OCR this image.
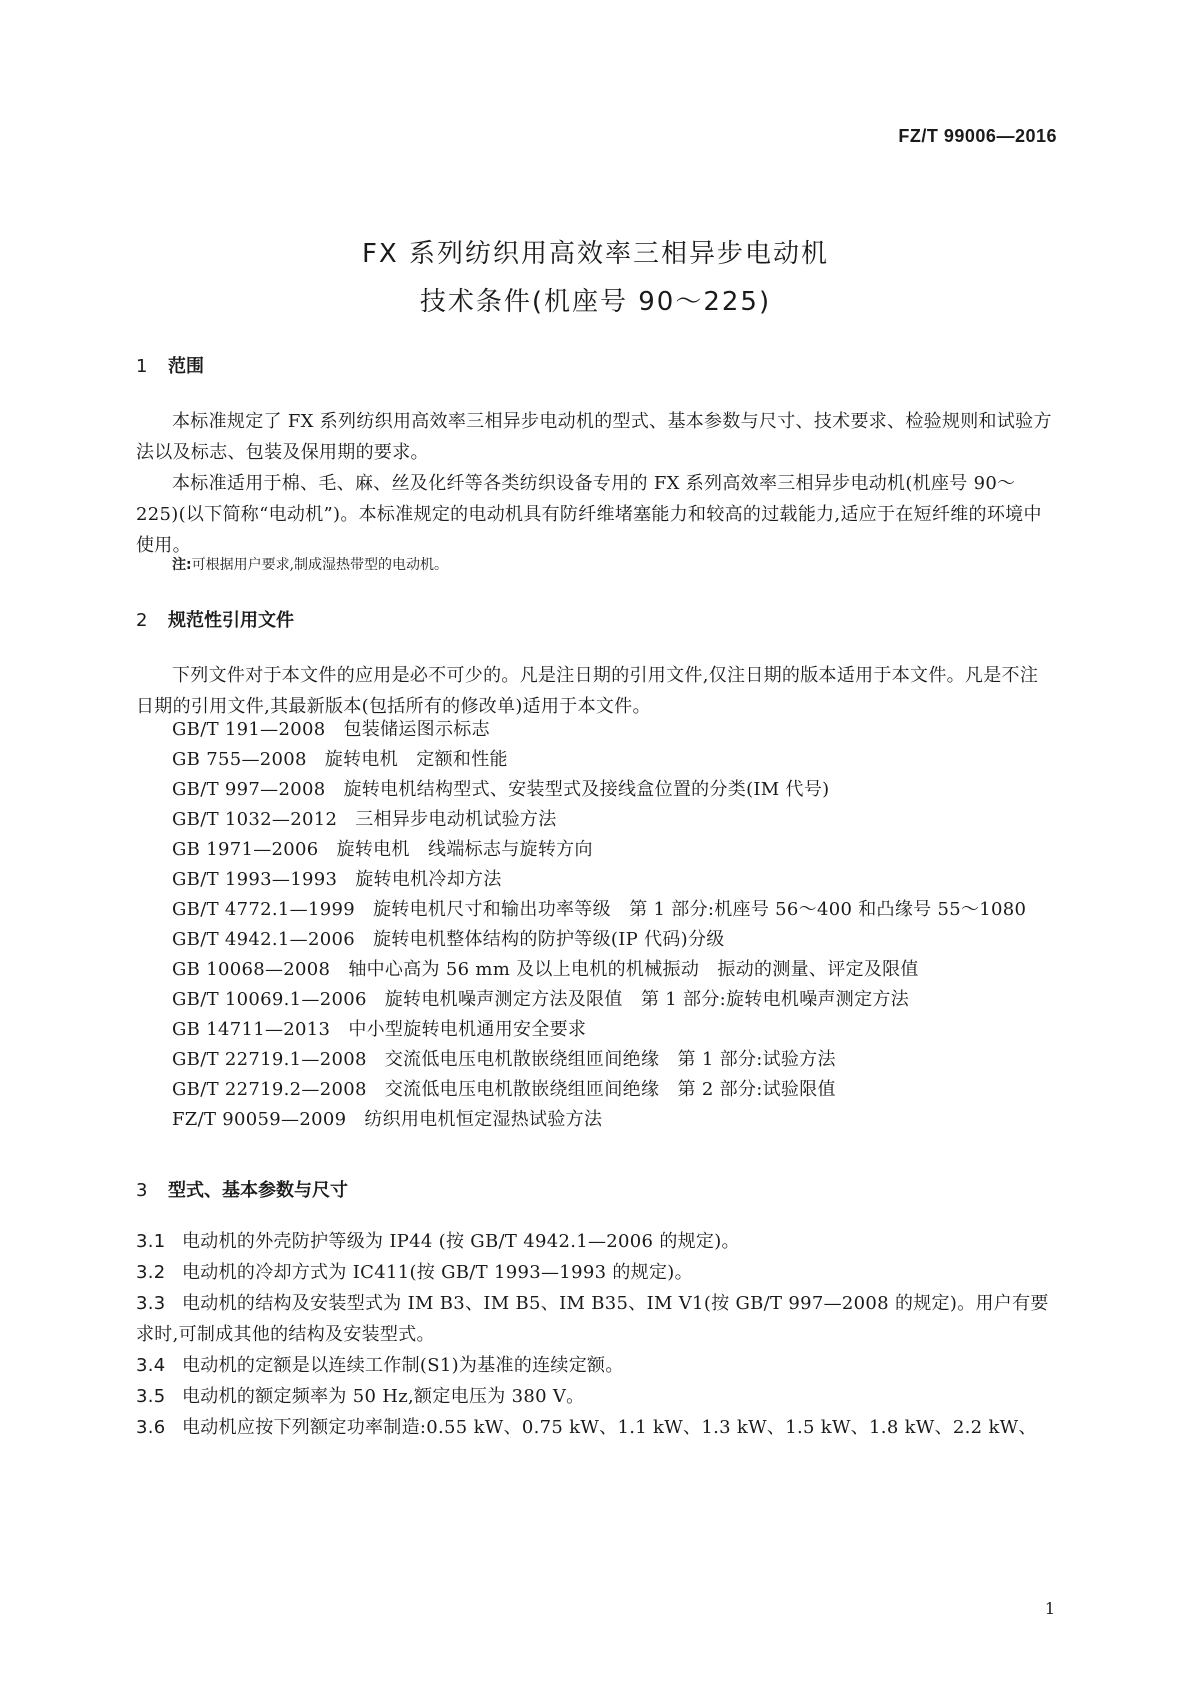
FZ/T 99006—2016
FX 系列纺织用高效率三相异步电动机
技术条件(机座号 90～225)
1 范围
本标准规定了 FX 系列纺织用高效率三相异步电动机的型式、基本参数与尺寸、技术要求、检验规则和试验方法以及标志、包装及保用期的要求。
本标准适用于棉、毛、麻、丝及化纤等各类纺织设备专用的 FX 系列高效率三相异步电动机(机座号 90～225)(以下简称“电动机”)。本标准规定的电动机具有防纤维堵塞能力和较高的过载能力,适应于在短纤维的环境中使用。
注:可根据用户要求,制成湿热带型的电动机。
2 规范性引用文件
下列文件对于本文件的应用是必不可少的。凡是注日期的引用文件,仅注日期的版本适用于本文件。凡是不注日期的引用文件,其最新版本(包括所有的修改单)适用于本文件。
GB/T 191—2008 包装储运图示标志
GB 755—2008 旋转电机　定额和性能
GB/T 997—2008 旋转电机结构型式、安装型式及接线盒位置的分类(IM 代号)
GB/T 1032—2012 三相异步电动机试验方法
GB 1971—2006 旋转电机　线端标志与旋转方向
GB/T 1993—1993 旋转电机冷却方法
GB/T 4772.1—1999 旋转电机尺寸和输出功率等级　第 1 部分:机座号 56～400 和凸缘号 55～1080
GB/T 4942.1—2006 旋转电机整体结构的防护等级(IP 代码)分级
GB 10068—2008 轴中心高为 56 mm 及以上电机的机械振动　振动的测量、评定及限值
GB/T 10069.1—2006 旋转电机噪声测定方法及限值　第 1 部分:旋转电机噪声测定方法
GB 14711—2013 中小型旋转电机通用安全要求
GB/T 22719.1—2008 交流低电压电机散嵌绕组匝间绝缘　第 1 部分:试验方法
GB/T 22719.2—2008 交流低电压电机散嵌绕组匝间绝缘　第 2 部分:试验限值
FZ/T 90059—2009 纺织用电机恒定湿热试验方法
3 型式、基本参数与尺寸
3.1 电动机的外壳防护等级为 IP44 (按 GB/T 4942.1—2006 的规定)。
3.2 电动机的冷却方式为 IC411(按 GB/T 1993—1993 的规定)。
3.3 电动机的结构及安装型式为 IM B3、IM B5、IM B35、IM V1(按 GB/T 997—2008 的规定)。用户有要求时,可制成其他的结构及安装型式。
3.4 电动机的定额是以连续工作制(S1)为基准的连续定额。
3.5 电动机的额定频率为 50 Hz,额定电压为 380 V。
3.6 电动机应按下列额定功率制造:0.55 kW、0.75 kW、1.1 kW、1.3 kW、1.5 kW、1.8 kW、2.2 kW、
1
